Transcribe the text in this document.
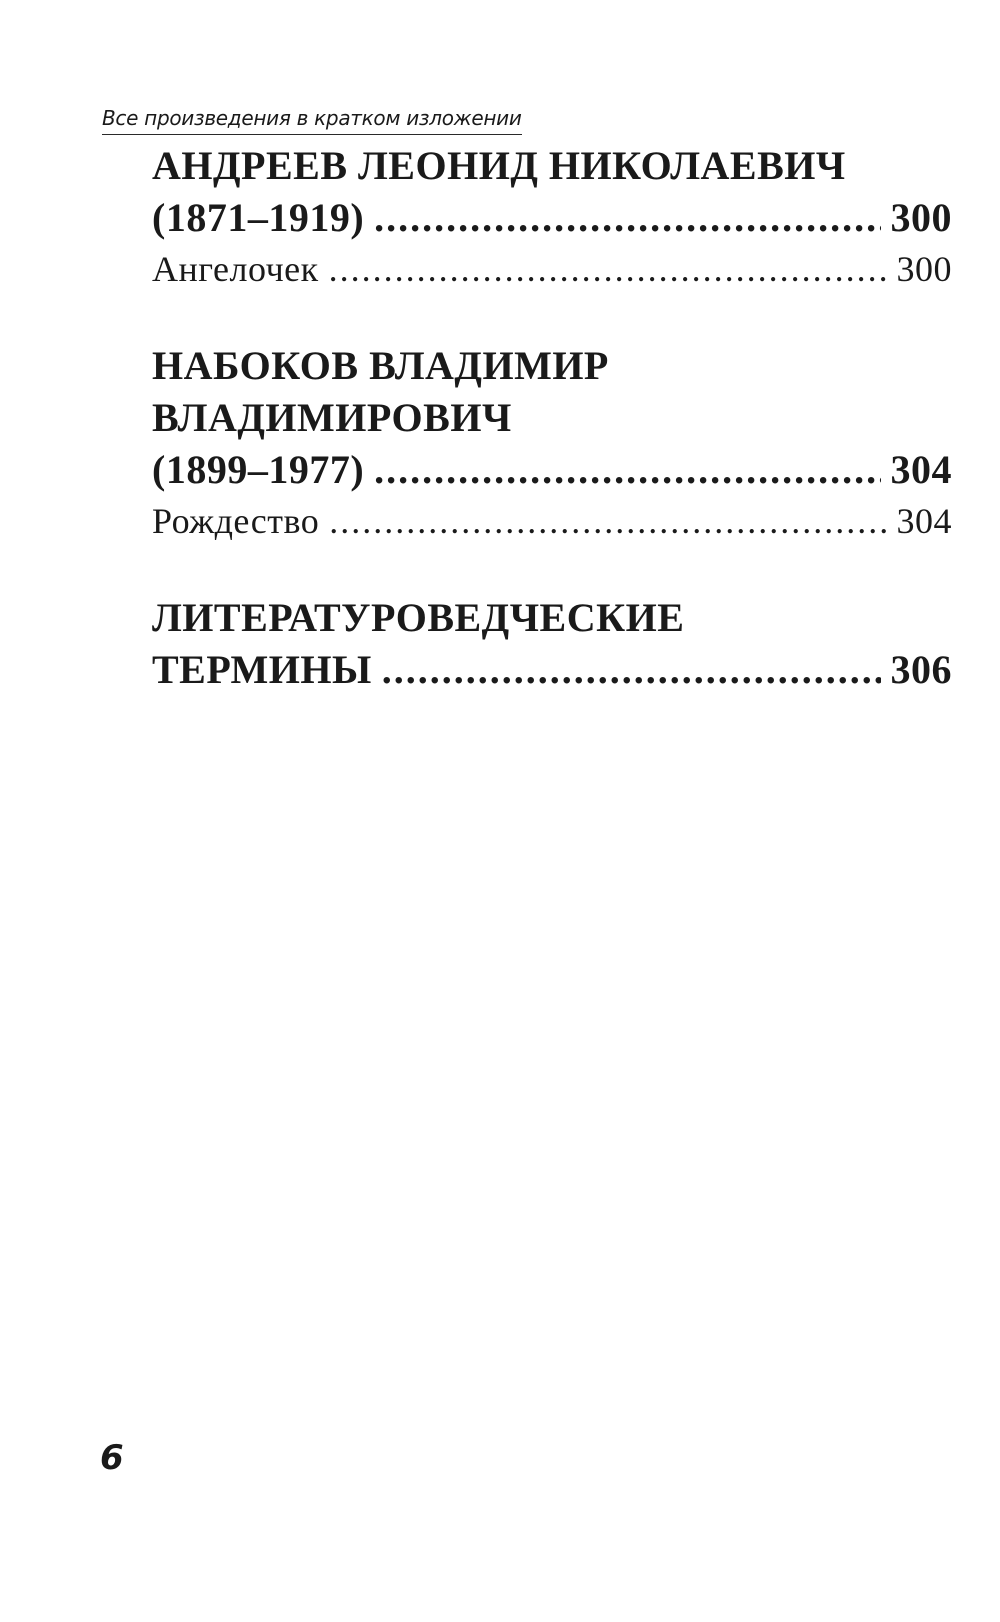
Все произведения в кратком изложении
АНДРЕЕВ ЛЕОНИД НИКОЛАЕВИЧ
(1871–1919) .....	300
Ангелочек .....	300
НАБОКОВ ВЛАДИМИР
ВЛАДИМИРОВИЧ
(1899–1977) .....	304
Рождество .....	304
ЛИТЕРАТУРОВЕДЧЕСКИЕ
ТЕРМИНЫ .....	306
6
